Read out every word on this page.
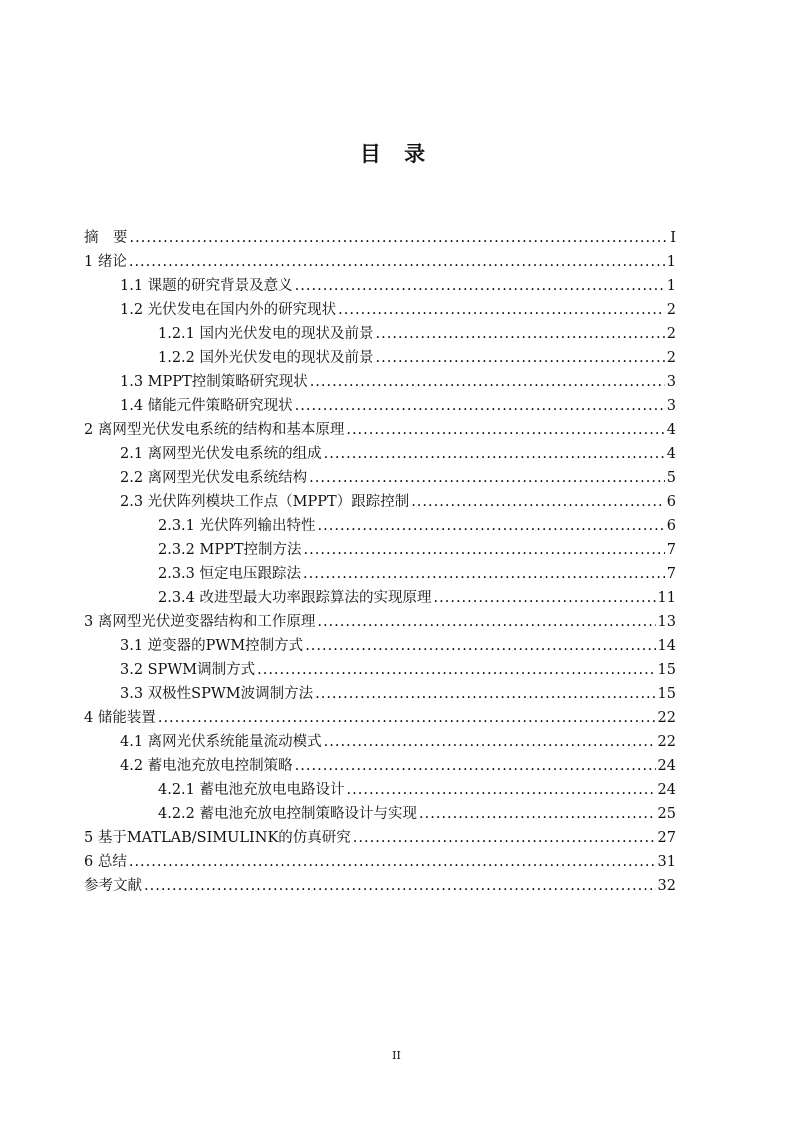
目 录
摘　要 .....	I
1 绪论 .....	1
1.1 课题的研究背景及意义 .....	1
1.2 光伏发电在国内外的研究现状 .....	2
1.2.1 国内光伏发电的现状及前景 .....	2
1.2.2 国外光伏发电的现状及前景 .....	2
1.3 MPPT控制策略研究现状 .....	3
1.4 储能元件策略研究现状 .....	3
2 离网型光伏发电系统的结构和基本原理 .....	4
2.1 离网型光伏发电系统的组成 .....	4
2.2 离网型光伏发电系统结构 .....	5
2.3 光伏阵列模块工作点（MPPT）跟踪控制 .....	6
2.3.1 光伏阵列输出特性 .....	6
2.3.2 MPPT控制方法 .....	7
2.3.3 恒定电压跟踪法 .....	7
2.3.4 改进型最大功率跟踪算法的实现原理 .....	11
3 离网型光伏逆变器结构和工作原理 .....	13
3.1 逆变器的PWM控制方式 .....	14
3.2 SPWM调制方式 .....	15
3.3 双极性SPWM波调制方法 .....	15
4 储能装置 .....	22
4.1 离网光伏系统能量流动模式 .....	22
4.2 蓄电池充放电控制策略 .....	24
4.2.1 蓄电池充放电电路设计 .....	24
4.2.2 蓄电池充放电控制策略设计与实现 .....	25
5 基于MATLAB/SIMULINK的仿真研究 .....	27
6 总结 .....	31
参考文献 .....	32
II
